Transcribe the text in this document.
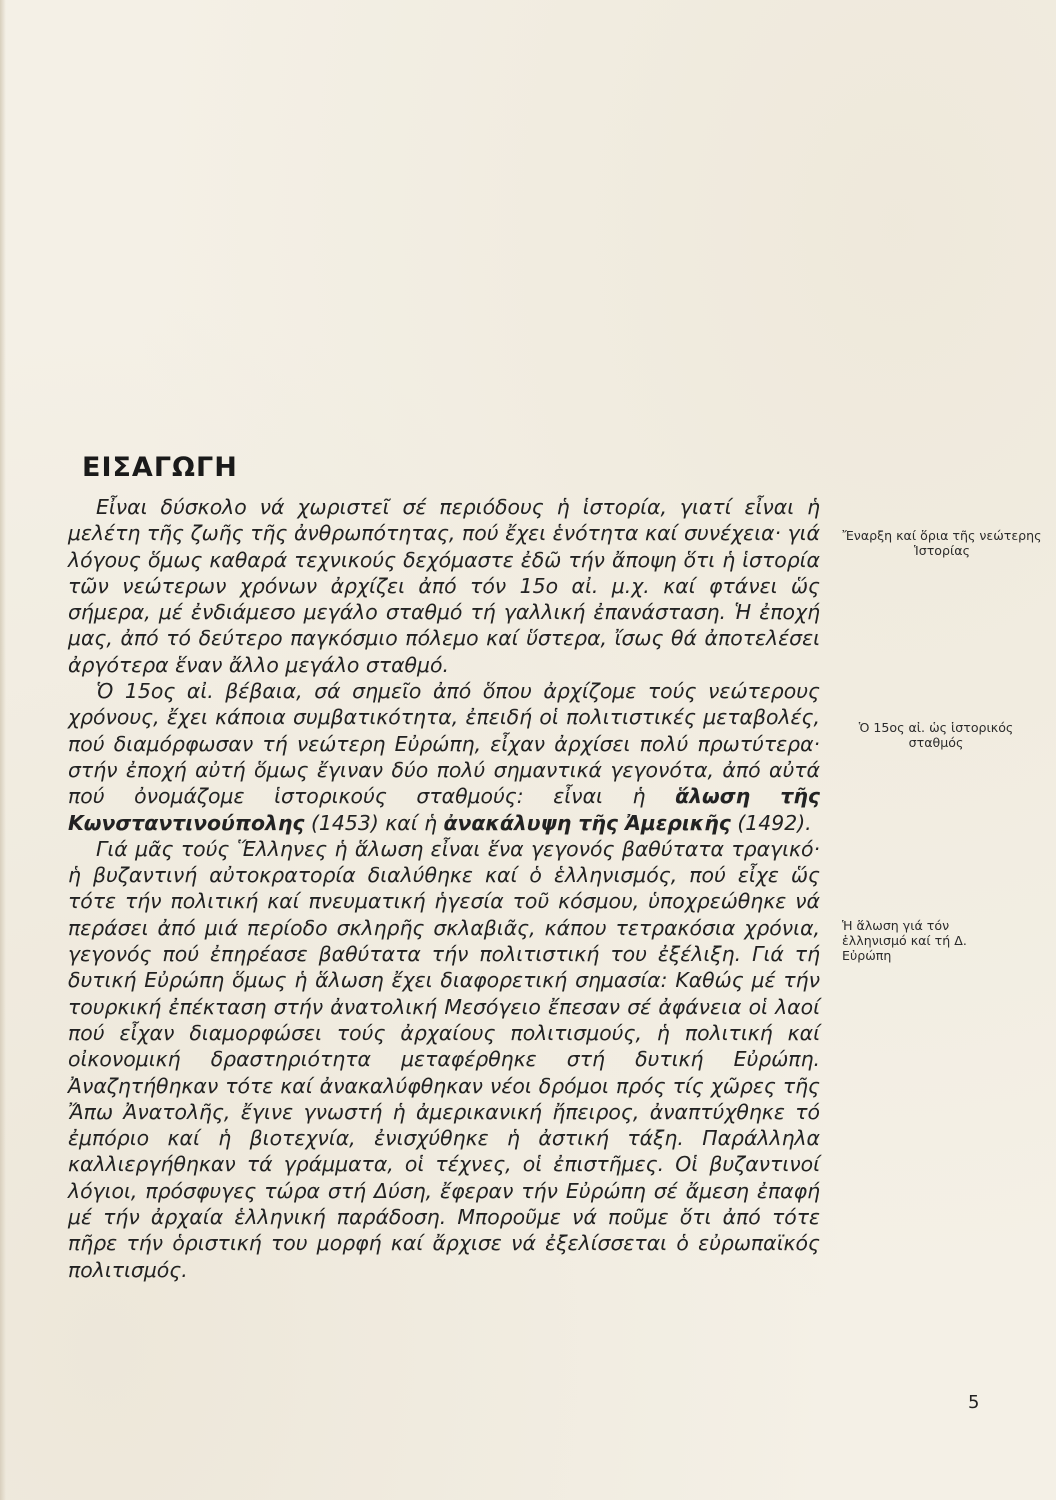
ΕΙΣΑΓΩΓΗ

Εἶναι δύσκολο νά χωριστεῖ σέ περιόδους ἡ ἱστορία, γιατί εἶναι ἡ μελέτη τῆς ζωῆς τῆς ἀνθρωπότητας, πού ἔχει ἑνότητα καί συνέχεια· γιά λόγους ὅμως καθαρά τεχνικούς δεχόμαστε ἐδῶ τήν ἄποψη ὅτι ἡ ἱστορία τῶν νεώτερων χρόνων ἀρχίζει ἀπό τόν 15ο αἰ. μ.χ. καί φτάνει ὥς σήμερα, μέ ἐνδιάμεσο μεγάλο σταθμό τή γαλλική ἐπανάσταση. Ἡ ἐποχή μας, ἀπό τό δεύτερο παγκόσμιο πόλεμο καί ὕστερα, ἴσως θά ἀποτελέσει ἀργότερα ἕναν ἄλλο μεγάλο σταθμό.

Ὁ 15ος αἰ. βέβαια, σά σημεῖο ἀπό ὅπου ἀρχίζομε τούς νεώτερους χρόνους, ἔχει κάποια συμβατικότητα, ἐπειδή οἱ πολιτιστικές μεταβολές, πού διαμόρφωσαν τή νεώτερη Εὐρώπη, εἶχαν ἀρχίσει πολύ πρωτύτερα· στήν ἐποχή αὐτή ὅμως ἔγιναν δύο πολύ σημαντικά γεγονότα, ἀπό αὐτά πού ὀνομάζομε ἱστορικούς σταθμούς: εἶναι ἡ ἅλωση τῆς Κωνσταντινούπολης (1453) καί ἡ ἀνακάλυψη τῆς Ἀμερικῆς (1492).

Γιά μᾶς τούς Ἕλληνες ἡ ἅλωση εἶναι ἕνα γεγονός βαθύτατα τραγικό· ἡ βυζαντινή αὐτοκρατορία διαλύθηκε καί ὁ ἑλληνισμός, πού εἶχε ὥς τότε τήν πολιτική καί πνευματική ἡγεσία τοῦ κόσμου, ὑποχρεώθηκε νά περάσει ἀπό μιά περίοδο σκληρῆς σκλαβιᾶς, κάπου τετρακόσια χρόνια, γεγονός πού ἐπηρέασε βαθύτατα τήν πολιτιστική του ἐξέλιξη. Γιά τή δυτική Εὐρώπη ὅμως ἡ ἅλωση ἔχει διαφορετική σημασία: Καθώς μέ τήν τουρκική ἐπέκταση στήν ἀνατολική Μεσόγειο ἔπεσαν σέ ἀφάνεια οἱ λαοί πού εἶχαν διαμορφώσει τούς ἀρχαίους πολιτισμούς, ἡ πολιτική καί οἰκονομική δραστηριότητα μεταφέρθηκε στή δυτική Εὐρώπη. Ἀναζητήθηκαν τότε καί ἀνακαλύφθηκαν νέοι δρόμοι πρός τίς χῶρες τῆς Ἄπω Ἀνατολῆς, ἔγινε γνωστή ἡ ἀμερικανική ἤπειρος, ἀναπτύχθηκε τό ἐμπόριο καί ἡ βιοτεχνία, ἐνισχύθηκε ἡ ἀστική τάξη. Παράλληλα καλλιεργήθηκαν τά γράμματα, οἱ τέχνες, οἱ ἐπιστῆμες. Οἱ βυζαντινοί λόγιοι, πρόσφυγες τώρα στή Δύση, ἔφεραν τήν Εὐρώπη σέ ἄμεση ἐπαφή μέ τήν ἀρχαία ἑλληνική παράδοση. Μποροῦμε νά ποῦμε ὅτι ἀπό τότε πῆρε τήν ὁριστική του μορφή καί ἄρχισε νά ἐξελίσσεται ὁ εὐρωπαϊκός πολιτισμός.

Ἔναρξη καί ὅρια τῆς νεώτερης Ἱστορίας
Ὁ 15ος αἰ. ὡς ἱστορικός σταθμός
Ἡ ἅλωση γιά τόν ἑλληνισμό καί τή Δ. Εὐρώπη
5
